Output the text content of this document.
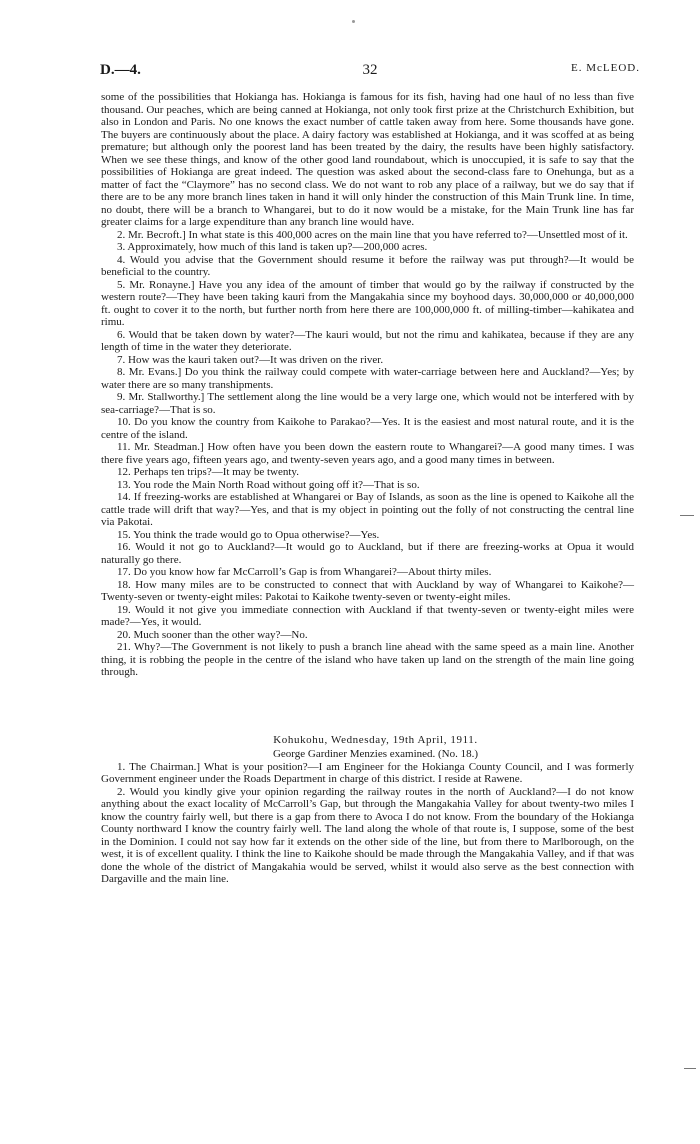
D.—4.	32	E. McLEOD.

some of the possibilities that Hokianga has. Hokianga is famous for its fish, having had one haul of no less than five thousand. Our peaches, which are being canned at Hokianga, not only took first prize at the Christchurch Exhibition, but also in London and Paris. No one knows the exact number of cattle taken away from here. Some thousands have gone. The buyers are continuously about the place. A dairy factory was established at Hokianga, and it was scoffed at as being premature; but although only the poorest land has been treated by the dairy, the results have been highly satisfactory. When we see these things, and know of the other good land roundabout, which is unoccupied, it is safe to say that the possibilities of Hokianga are great indeed. The question was asked about the second-class fare to Onehunga, but as a matter of fact the “Claymore” has no second class. We do not want to rob any place of a railway, but we do say that if there are to be any more branch lines taken in hand it will only hinder the construction of this Main Trunk line. In time, no doubt, there will be a branch to Whangarei, but to do it now would be a mistake, for the Main Trunk line has far greater claims for a large expenditure than any branch line would have.

2. Mr. Becroft.] In what state is this 400,000 acres on the main line that you have referred to?—Unsettled most of it.

3. Approximately, how much of this land is taken up?—200,000 acres.

4. Would you advise that the Government should resume it before the railway was put through?—It would be beneficial to the country.

5. Mr. Ronayne.] Have you any idea of the amount of timber that would go by the railway if constructed by the western route?—They have been taking kauri from the Mangakahia since my boyhood days. 30,000,000 or 40,000,000 ft. ought to cover it to the north, but further north from here there are 100,000,000 ft. of milling-timber—kahikatea and rimu.

6. Would that be taken down by water?—The kauri would, but not the rimu and kahikatea, because if they are any length of time in the water they deteriorate.

7. How was the kauri taken out?—It was driven on the river.

8. Mr. Evans.] Do you think the railway could compete with water-carriage between here and Auckland?—Yes; by water there are so many transhipments.

9. Mr. Stallworthy.] The settlement along the line would be a very large one, which would not be interfered with by sea-carriage?—That is so.

10. Do you know the country from Kaikohe to Parakao?—Yes. It is the easiest and most natural route, and it is the centre of the island.

11. Mr. Steadman.] How often have you been down the eastern route to Whangarei?—A good many times. I was there five years ago, fifteen years ago, and twenty-seven years ago, and a good many times in between.

12. Perhaps ten trips?—It may be twenty.

13. You rode the Main North Road without going off it?—That is so.

14. If freezing-works are established at Whangarei or Bay of Islands, as soon as the line is opened to Kaikohe all the cattle trade will drift that way?—Yes, and that is my object in pointing out the folly of not constructing the central line via Pakotai.

15. You think the trade would go to Opua otherwise?—Yes.

16. Would it not go to Auckland?—It would go to Auckland, but if there are freezing-works at Opua it would naturally go there.

17. Do you know how far McCarroll’s Gap is from Whangarei?—About thirty miles.

18. How many miles are to be constructed to connect that with Auckland by way of Whangarei to Kaikohe?—Twenty-seven or twenty-eight miles: Pakotai to Kaikohe twenty-seven or twenty-eight miles.

19. Would it not give you immediate connection with Auckland if that twenty-seven or twenty-eight miles were made?—Yes, it would.

20. Much sooner than the other way?—No.

21. Why?—The Government is not likely to push a branch line ahead with the same speed as a main line. Another thing, it is robbing the people in the centre of the island who have taken up land on the strength of the main line going through.

Kohukohu, Wednesday, 19th April, 1911.

George Gardiner Menzies examined. (No. 18.)

1. The Chairman.] What is your position?—I am Engineer for the Hokianga County Council, and I was formerly Government engineer under the Roads Department in charge of this district. I reside at Rawene.

2. Would you kindly give your opinion regarding the railway routes in the north of Auckland?—I do not know anything about the exact locality of McCarroll’s Gap, but through the Mangakahia Valley for about twenty-two miles I know the country fairly well, but there is a gap from there to Avoca I do not know. From the boundary of the Hokianga County northward I know the country fairly well. The land along the whole of that route is, I suppose, some of the best in the Dominion. I could not say how far it extends on the other side of the line, but from there to Marlborough, on the west, it is of excellent quality. I think the line to Kaikohe should be made through the Mangakahia Valley, and if that was done the whole of the district of Mangakahia would be served, whilst it would also serve as the best connection with Dargaville and the main line.
